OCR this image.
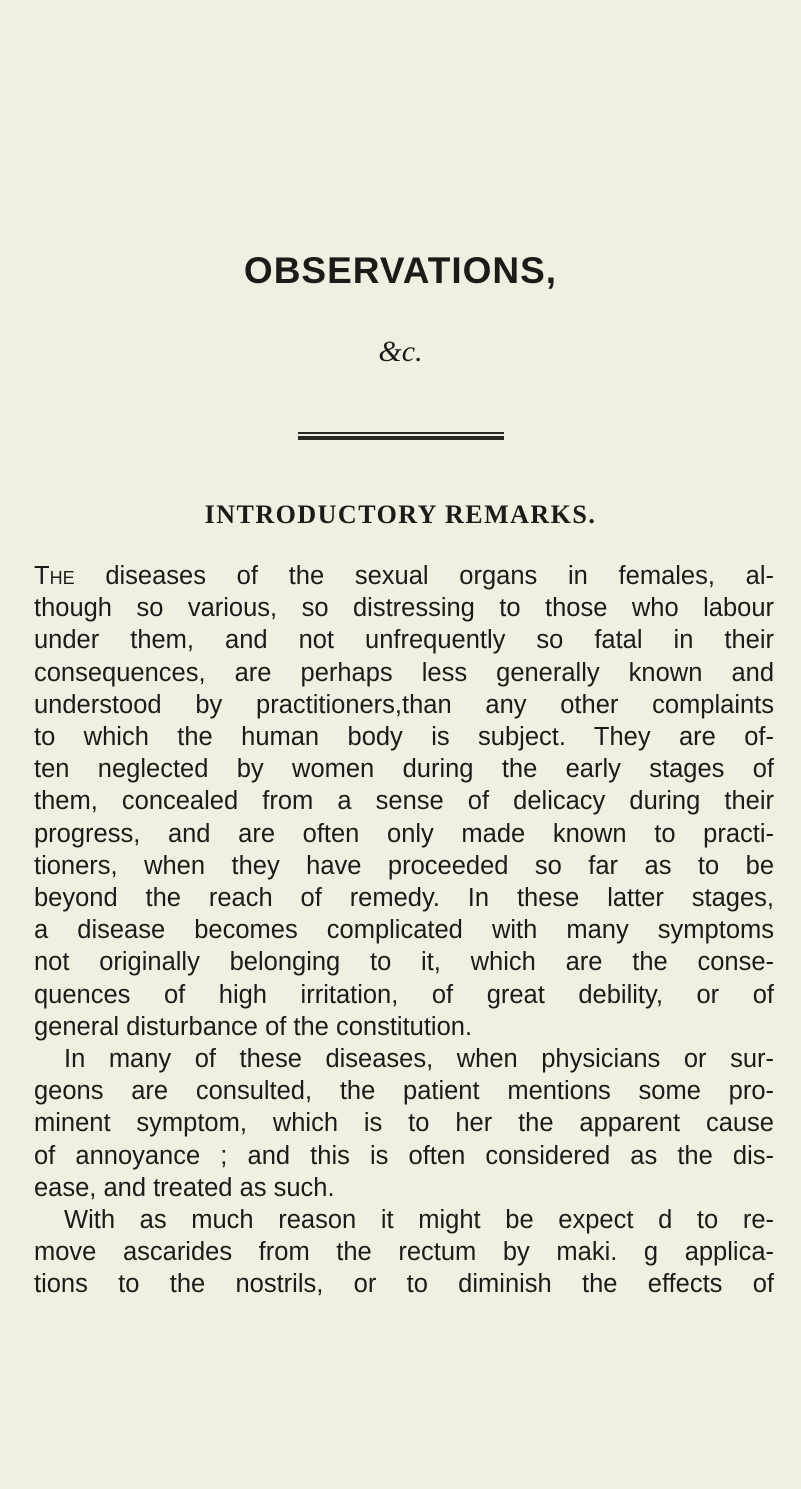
OBSERVATIONS,

&c.

INTRODUCTORY REMARKS.
The diseases of the sexual organs in females, al-
though so various, so distressing to those who labour
under them, and not unfrequently so fatal in their
consequences, are perhaps less generally known and
understood by practitioners,than any other complaints
to which the human body is subject. They are of-
ten neglected by women during the early stages of
them, concealed from a sense of delicacy during their
progress, and are often only made known to practi-
tioners, when they have proceeded so far as to be
beyond the reach of remedy. In these latter stages,
a disease becomes complicated with many symptoms
not originally belonging to it, which are the conse-
quences of high irritation, of great debility, or of
general disturbance of the constitution.
In many of these diseases, when physicians or sur-
geons are consulted, the patient mentions some pro-
minent symptom, which is to her the apparent cause
of annoyance ; and this is often considered as the dis-
ease, and treated as such.
With as much reason it might be expect d to re-
move ascarides from the rectum by maki. g applica-
tions to the nostrils, or to diminish the effects of
